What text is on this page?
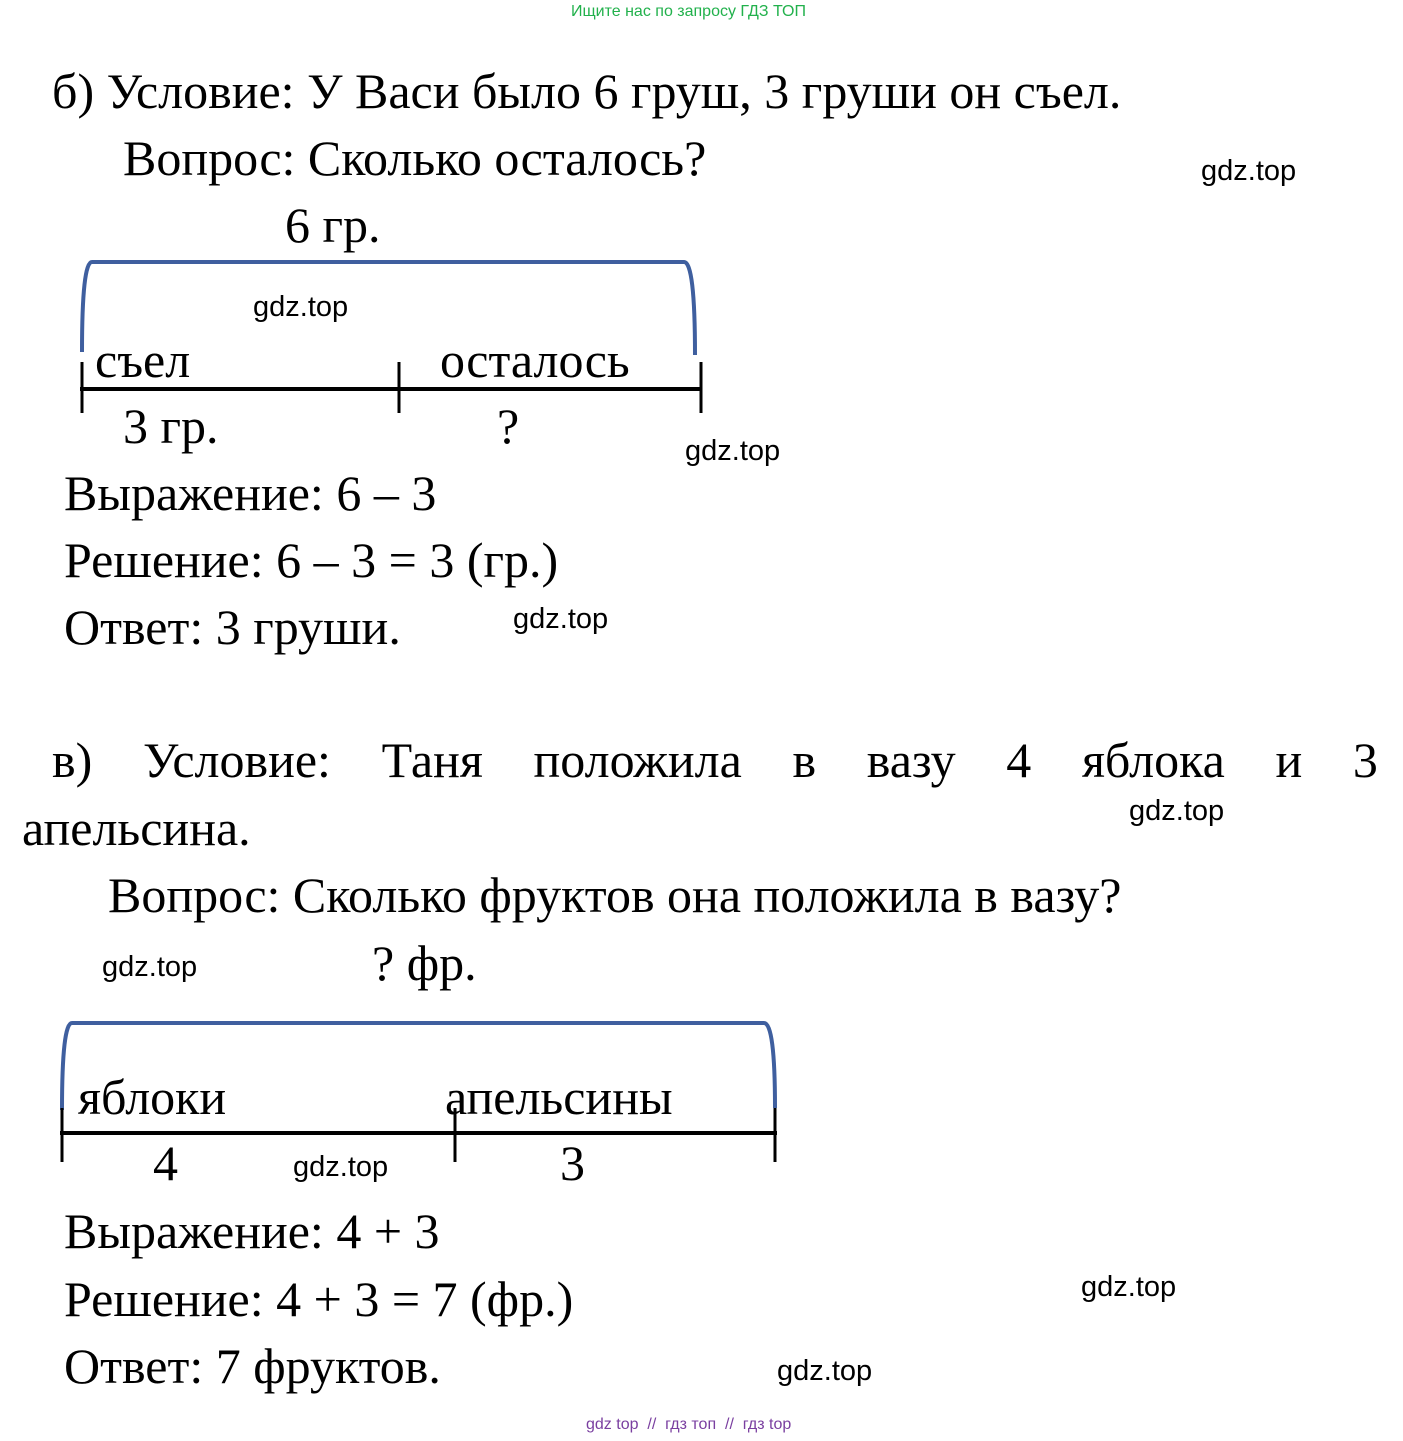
Ищите нас по запросу ГДЗ ТОП
б) Условие: У Васи было 6 груш, 3 груши он съел.
Вопрос: Сколько осталось?
6 гр.
gdz.top
gdz.top
съел	осталось
3 гр.	?	gdz.top
Выражение: 6 – 3
Решение: 6 – 3 = 3 (гр.)
Ответ: 3 груши.	gdz.top
в) Условие: Таня положила в вазу 4 яблока и 3
апельсина.	gdz.top
Вопрос: Сколько фруктов она положила в вазу?
gdz.top	? фр.
яблоки	апельсины
4	gdz.top	3
Выражение: 4 + 3
Решение: 4 + 3 = 7 (фр.)	gdz.top
Ответ: 7 фруктов.	gdz.top
gdz top  //  гдз топ  //  гдз top
